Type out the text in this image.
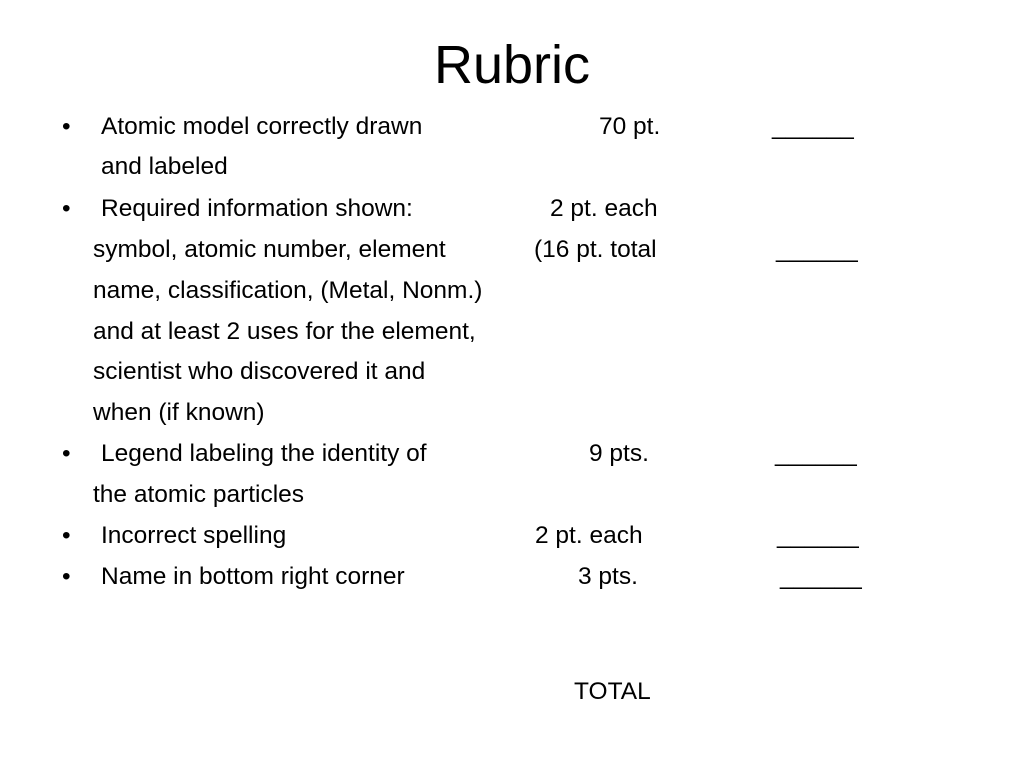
Rubric
• Atomic model correctly drawn
and labeled
70 pt.	______
• Required information shown:
symbol, atomic number, element
name, classification, (Metal, Nonm.)
and at least 2 uses for the element,
scientist who discovered it and
when (if known)
2 pt. each
(16 pt. total	______
• Legend labeling the identity of
the atomic particles
9 pts.	______
• Incorrect spelling	2 pt. each	______
• Name in bottom right corner	3 pts.	______
TOTAL
